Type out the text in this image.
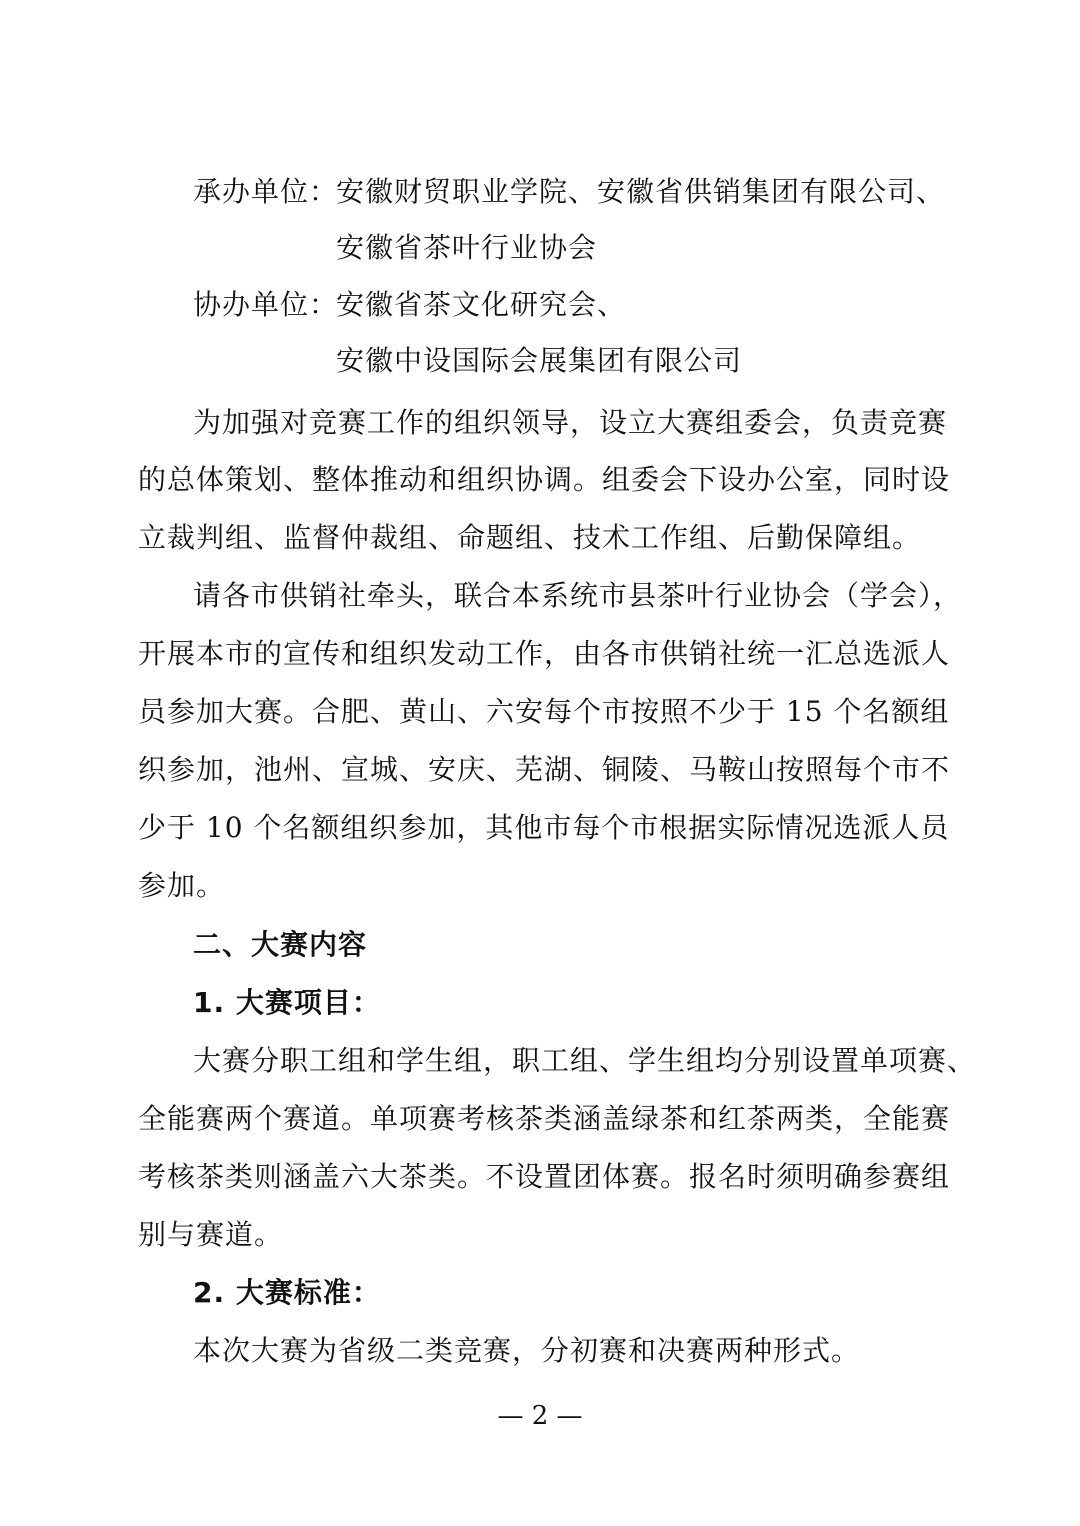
承办单位：
安徽财贸职业学院、安徽省供销集团有限公司、
安徽省茶叶行业协会
协办单位：
安徽省茶文化研究会、
安徽中设国际会展集团有限公司
为加强对竞赛工作的组织领导，设立大赛组委会，负责竞赛
的总体策划、整体推动和组织协调。组委会下设办公室，同时设
立裁判组、监督仲裁组、命题组、技术工作组、后勤保障组。
请各市供销社牵头，联合本系统市县茶叶行业协会（学会），
开展本市的宣传和组织发动工作，由各市供销社统一汇总选派人
员参加大赛。合肥、黄山、六安每个市按照不少于 15 个名额组
织参加，池州、宣城、安庆、芜湖、铜陵、马鞍山按照每个市不
少于 10 个名额组织参加，其他市每个市根据实际情况选派人员
参加。
二、大赛内容
1. 大赛项目：
大赛分职工组和学生组，职工组、学生组均分别设置单项赛、
全能赛两个赛道。单项赛考核茶类涵盖绿茶和红茶两类，全能赛
考核茶类则涵盖六大茶类。不设置团体赛。报名时须明确参赛组
别与赛道。
2. 大赛标准：
本次大赛为省级二类竞赛，分初赛和决赛两种形式。
— 2 —
